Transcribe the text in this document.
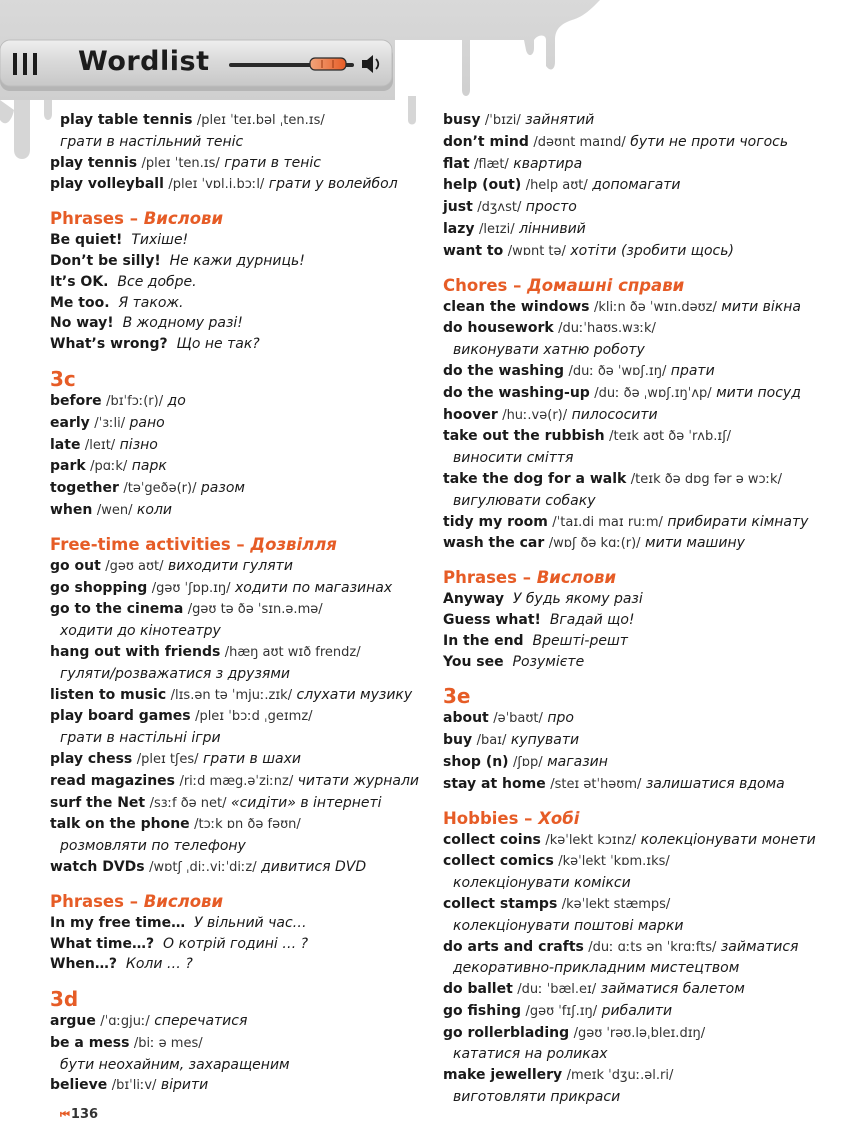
Wordlist
play table tennis /pleɪ ˈteɪ.bəl ˌten.ɪs/
грати в настільний теніс
play tennis /pleɪ ˈten.ɪs/ грати в теніс
play volleyball /pleɪ ˈvɒl.i.bɔːl/ грати у волейбол
Phrases – Вислови
Be quiet! Тихіше!
Don’t be silly! Не кажи дурниць!
It’s OK. Все добре.
Me too. Я також.
No way! В жодному разі!
What’s wrong? Що не так?
3c
before /bɪˈfɔː(r)/ до
early /ˈɜːli/ рано
late /leɪt/ пізно
park /pɑːk/ парк
together /təˈgeðə(r)/ разом
when /wen/ коли
Free-time activities – Дозвілля
go out /gəʊ aʊt/ виходити гуляти
go shopping /gəʊ ˈʃɒp.ɪŋ/ ходити по магазинах
go to the cinema /gəʊ tə ðə ˈsɪn.ə.mə/
ходити до кінотеатру
hang out with friends /hæŋ aʊt wɪð frendz/
гуляти/розважатися з друзями
listen to music /lɪs.ən tə ˈmjuː.zɪk/ слухати музику
play board games /pleɪ ˈbɔːd ˌgeɪmz/
грати в настільні ігри
play chess /pleɪ tʃes/ грати в шахи
read magazines /riːd mæg.əˈziːnz/ читати журнали
surf the Net /sɜːf ðə net/ «сидіти» в інтернеті
talk on the phone /tɔːk ɒn ðə fəʊn/
розмовляти по телефону
watch DVDs /wɒtʃ ˌdiː.viːˈdiːz/ дивитися DVD
Phrases – Вислови
In my free time… У вільний час…
What time…? О котрій годині … ?
When…? Коли … ?
3d
argue /ˈɑːgjuː/ сперечатися
be a mess /biː ə mes/
бути неохайним, захаращеним
believe /bɪˈliːv/ вірити
busy /ˈbɪzi/ зайнятий
don’t mind /dəʊnt maɪnd/ бути не проти чогось
flat /flæt/ квартира
help (out) /help aʊt/ допомагати
just /dʒʌst/ просто
lazy /leɪzi/ ліннивий
want to /wɒnt tə/ хотіти (зробити щось)
Chores – Домашні справи
clean the windows /kliːn ðə ˈwɪn.dəʊz/ мити вікна
do housework /duːˈhaʊs.wɜːk/
виконувати хатню роботу
do the washing /duː ðə ˈwɒʃ.ɪŋ/ прати
do the washing-up /duː ðə ˌwɒʃ.ɪŋˈʌp/ мити посуд
hoover /huː.və(r)/ пилососити
take out the rubbish /teɪk aʊt ðə ˈrʌb.ɪʃ/
виносити сміття
take the dog for a walk /teɪk ðə dɒg fər ə wɔːk/
вигулювати собаку
tidy my room /ˈtaɪ.di maɪ ruːm/ прибирати кімнату
wash the car /wɒʃ ðə kɑː(r)/ мити машину
Phrases – Вислови
Anyway У будь якому разі
Guess what! Вгадай що!
In the end Врешті-решт
You see Розумієте
3e
about /əˈbaʊt/ про
buy /baɪ/ купувати
shop (n) /ʃɒp/ магазин
stay at home /steɪ ətˈhəʊm/ залишатися вдома
Hobbies – Хобі
collect coins /kəˈlekt kɔɪnz/ колекціонувати монети
collect comics /kəˈlekt ˈkɒm.ɪks/
колекціонувати комікси
collect stamps /kəˈlekt stæmps/
колекціонувати поштові марки
do arts and crafts /duː ɑːts ən ˈkrɑːfts/ займатися
декоративно-прикладним мистецтвом
do ballet /duː ˈbæl.eɪ/ займатися балетом
go fishing /gəʊ ˈfɪʃ.ɪŋ/ рибалити
go rollerblading /gəʊ ˈrəʊ.ləˌbleɪ.dɪŋ/
кататися на роликах
make jewellery /meɪk ˈdʒuː.əl.ri/
виготовляти прикраси
⏮136
